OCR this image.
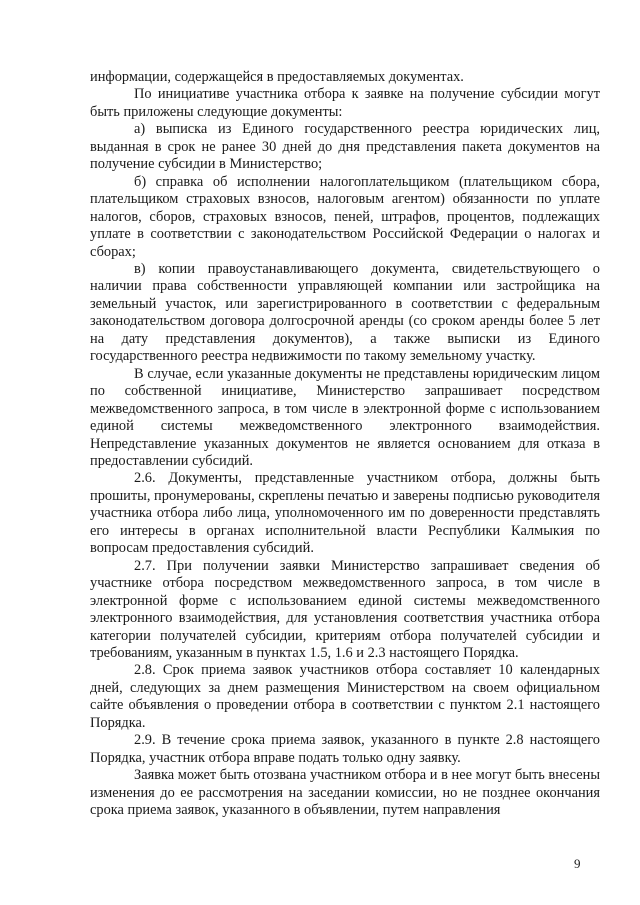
информации, содержащейся в предоставляемых документах.

По инициативе участника отбора к заявке на получение субсидии могут быть приложены следующие документы:

а) выписка из Единого государственного реестра юридических лиц, выданная в срок не ранее 30 дней до дня представления пакета документов на получение субсидии в Министерство;

б) справка об исполнении налогоплательщиком (плательщиком сбора, плательщиком страховых взносов, налоговым агентом) обязанности по уплате налогов, сборов, страховых взносов, пеней, штрафов, процентов, подлежащих уплате в соответствии с законодательством Российской Федерации о налогах и сборах;

в) копии правоустанавливающего документа, свидетельствующего о наличии права собственности управляющей компании или застройщика на земельный участок, или зарегистрированного в соответствии с федеральным законодательством договора долгосрочной аренды (со сроком аренды более 5 лет на дату представления документов), а также выписки из Единого государственного реестра недвижимости по такому земельному участку.

В случае, если указанные документы не представлены юридическим лицом по собственной инициативе, Министерство запрашивает посредством межведомственного запроса, в том числе в электронной форме с использованием единой системы межведомственного электронного взаимодействия. Непредставление указанных документов не является основанием для отказа в предоставлении субсидий.

2.6. Документы, представленные участником отбора, должны быть прошиты, пронумерованы, скреплены печатью и заверены подписью руководителя участника отбора либо лица, уполномоченного им по доверенности представлять его интересы в органах исполнительной власти Республики Калмыкия по вопросам предоставления субсидий.

2.7. При получении заявки Министерство запрашивает сведения об участнике отбора посредством межведомственного запроса, в том числе в электронной форме с использованием единой системы межведомственного электронного взаимодействия, для установления соответствия участника отбора категории получателей субсидии, критериям отбора получателей субсидии и требованиям, указанным в пунктах 1.5, 1.6 и 2.3 настоящего Порядка.

2.8. Срок приема заявок участников отбора составляет 10 календарных дней, следующих за днем размещения Министерством на своем официальном сайте объявления о проведении отбора в соответствии с пунктом 2.1 настоящего Порядка.

2.9. В течение срока приема заявок, указанного в пункте 2.8 настоящего Порядка, участник отбора вправе подать только одну заявку.

Заявка может быть отозвана участником отбора и в нее могут быть внесены изменения до ее рассмотрения на заседании комиссии, но не позднее окончания срока приема заявок, указанного в объявлении, путем направления

9
